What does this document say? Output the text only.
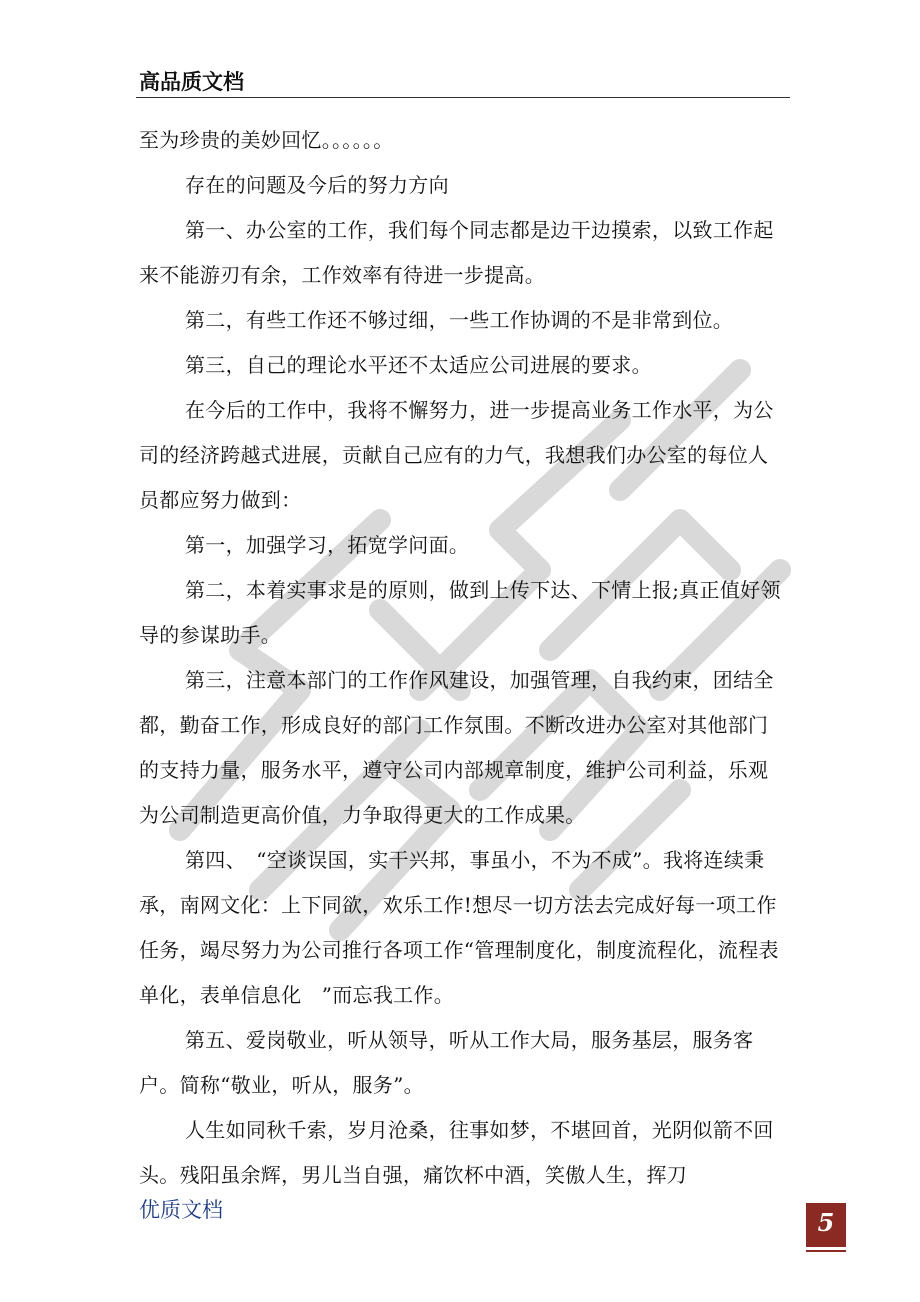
高品质文档

至为珍贵的美妙回忆。。。。。。

存在的问题及今后的努力方向

第一、办公室的工作，我们每个同志都是边干边摸索，以致工作起来不能游刃有余，工作效率有待进一步提高。

第二，有些工作还不够过细，一些工作协调的不是非常到位。

第三，自己的理论水平还不太适应公司进展的要求。

在今后的工作中，我将不懈努力，进一步提高业务工作水平，为公司的经济跨越式进展，贡献自己应有的力气，我想我们办公室的每位人员都应努力做到：

第一，加强学习，拓宽学问面。

第二，本着实事求是的原则，做到上传下达、下情上报;真正值好领导的参谋助手。

第三，注意本部门的工作作风建设，加强管理，自我约束，团结全都，勤奋工作，形成良好的部门工作氛围。不断改进办公室对其他部门的支持力量，服务水平，遵守公司内部规章制度，维护公司利益，乐观为公司制造更高价值，力争取得更大的工作成果。

第四、　“空谈误国，实干兴邦，事虽小，不为不成”。我将连续秉承，南网文化：上下同欲，欢乐工作!想尽一切方法去完成好每一项工作任务，竭尽努力为公司推行各项工作“管理制度化，制度流程化，流程表单化，表单信息化　”而忘我工作。

第五、爱岗敬业，听从领导，听从工作大局，服务基层，服务客户。简称“敬业，听从，服务”。

人生如同秋千索，岁月沧桑，往事如梦，不堪回首，光阴似箭不回头。残阳虽余辉，男儿当自强，痛饮杯中酒，笑傲人生，挥刀

优质文档	5
